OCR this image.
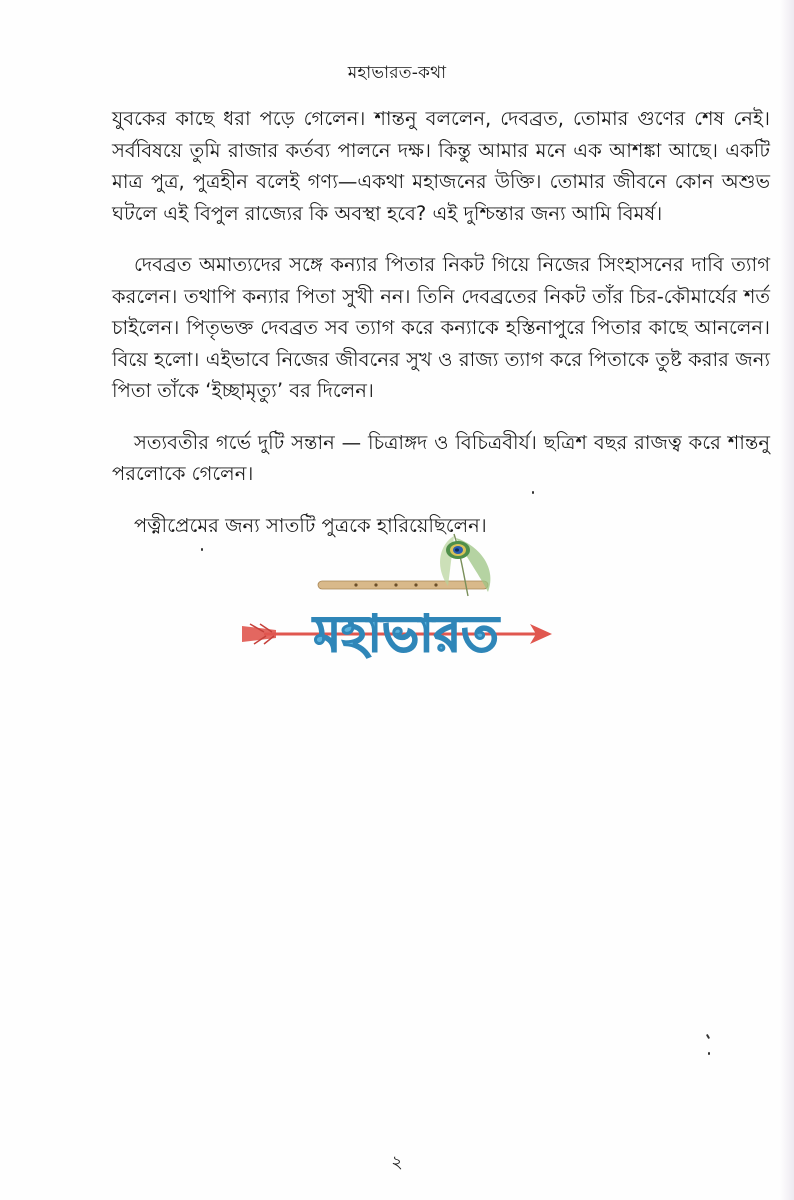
মহাভারত-কথা

যুবকের কাছে ধরা পড়ে গেলেন। শান্তনু বললেন, দেবব্রত, তোমার গুণের শেষ নেই। সর্ববিষয়ে তুমি রাজার কর্তব্য পালনে দক্ষ। কিন্তু আমার মনে এক আশঙ্কা আছে। একটি মাত্র পুত্র, পুত্রহীন বলেই গণ্য—একথা মহাজনের উক্তি। তোমার জীবনে কোন অশুভ ঘটলে এই বিপুল রাজ্যের কি অবস্থা হবে? এই দুশ্চিন্তার জন্য আমি বিমর্ষ।

দেবব্রত অমাত্যদের সঙ্গে কন্যার পিতার নিকট গিয়ে নিজের সিংহাসনের দাবি ত্যাগ করলেন। তথাপি কন্যার পিতা সুখী নন। তিনি দেবব্রতের নিকট তাঁর চির-কৌমার্যের শর্ত চাইলেন। পিতৃভক্ত দেবব্রত সব ত্যাগ করে কন্যাকে হস্তিনাপুরে পিতার কাছে আনলেন। বিয়ে হলো। এইভাবে নিজের জীবনের সুখ ও রাজ্য ত্যাগ করে পিতাকে তুষ্ট করার জন্য পিতা তাঁকে ‘ইচ্ছামৃত্যু’ বর দিলেন।

সত্যবতীর গর্ভে দুটি সন্তান — চিত্রাঙ্গদ ও বিচিত্রবীর্য। ছত্রিশ বছর রাজত্ব করে শান্তনু পরলোকে গেলেন।

পত্নীপ্রেমের জন্য সাতটি পুত্রকে হারিয়েছিলেন।

মহাভারত
২
